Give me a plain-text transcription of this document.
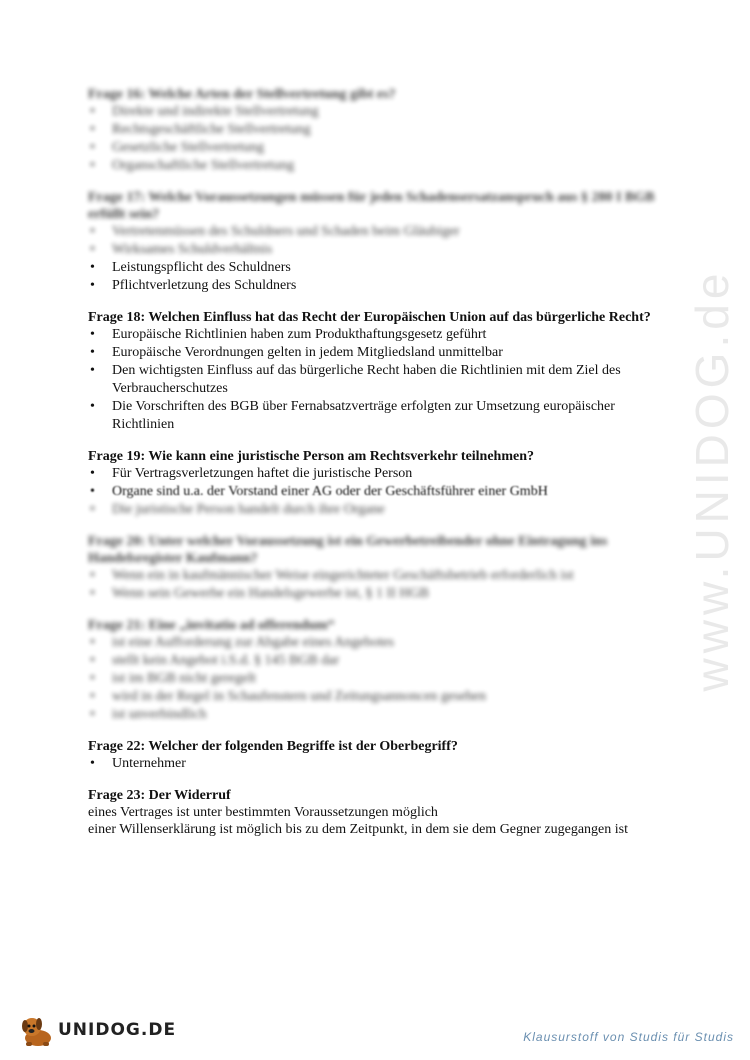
www.UNIDOG.de
Frage 16: Welche Arten der Stellvertretung gibt es?
• Direkte und indirekte Stellvertretung
• Rechtsgeschäftliche Stellvertretung
• Gesetzliche Stellvertretung
• Organschaftliche Stellvertretung
Frage 17: Welche Voraussetzungen müssen für jeden Schadensersatzanspruch aus § 280 I BGB erfüllt sein?
• Vertretenmüssen des Schuldners und Schaden beim Gläubiger
• Wirksames Schuldverhältnis
• Leistungspflicht des Schuldners
• Pflichtverletzung des Schuldners
Frage 18: Welchen Einfluss hat das Recht der Europäischen Union auf das bürgerliche Recht?
• Europäische Richtlinien haben zum Produkthaftungsgesetz geführt
• Europäische Verordnungen gelten in jedem Mitgliedsland unmittelbar
• Den wichtigsten Einfluss auf das bürgerliche Recht haben die Richtlinien mit dem Ziel des Verbraucherschutzes
• Die Vorschriften des BGB über Fernabsatzverträge erfolgten zur Umsetzung europäischer Richtlinien
Frage 19: Wie kann eine juristische Person am Rechtsverkehr teilnehmen?
• Für Vertragsverletzungen haftet die juristische Person
• Organe sind u.a. der Vorstand einer AG oder der Geschäftsführer einer GmbH
• Die juristische Person handelt durch ihre Organe
Frage 20: Unter welcher Voraussetzung ist ein Gewerbetreibender ohne Eintragung ins Handelsregister Kaufmann?
• Wenn ein in kaufmännischer Weise eingerichteter Geschäftsbetrieb erforderlich ist
• Wenn sein Gewerbe ein Handelsgewerbe ist, § 1 II HGB
Frage 21: Eine „invitatio ad offerendum“
• ist eine Aufforderung zur Abgabe eines Angebotes
• stellt kein Angebot i.S.d. § 145 BGB dar
• ist im BGB nicht geregelt
• wird in der Regel in Schaufenstern und Zeitungsannoncen gesehen
• ist unverbindlich
Frage 22: Welcher der folgenden Begriffe ist der Oberbegriff?
• Unternehmer
Frage 23: Der Widerruf
eines Vertrages ist unter bestimmten Voraussetzungen möglich
einer Willenserklärung ist möglich bis zu dem Zeitpunkt, in dem sie dem Gegner zugegangen ist
UNIDOG.DE	Klausurstoff von Studis für Studis
